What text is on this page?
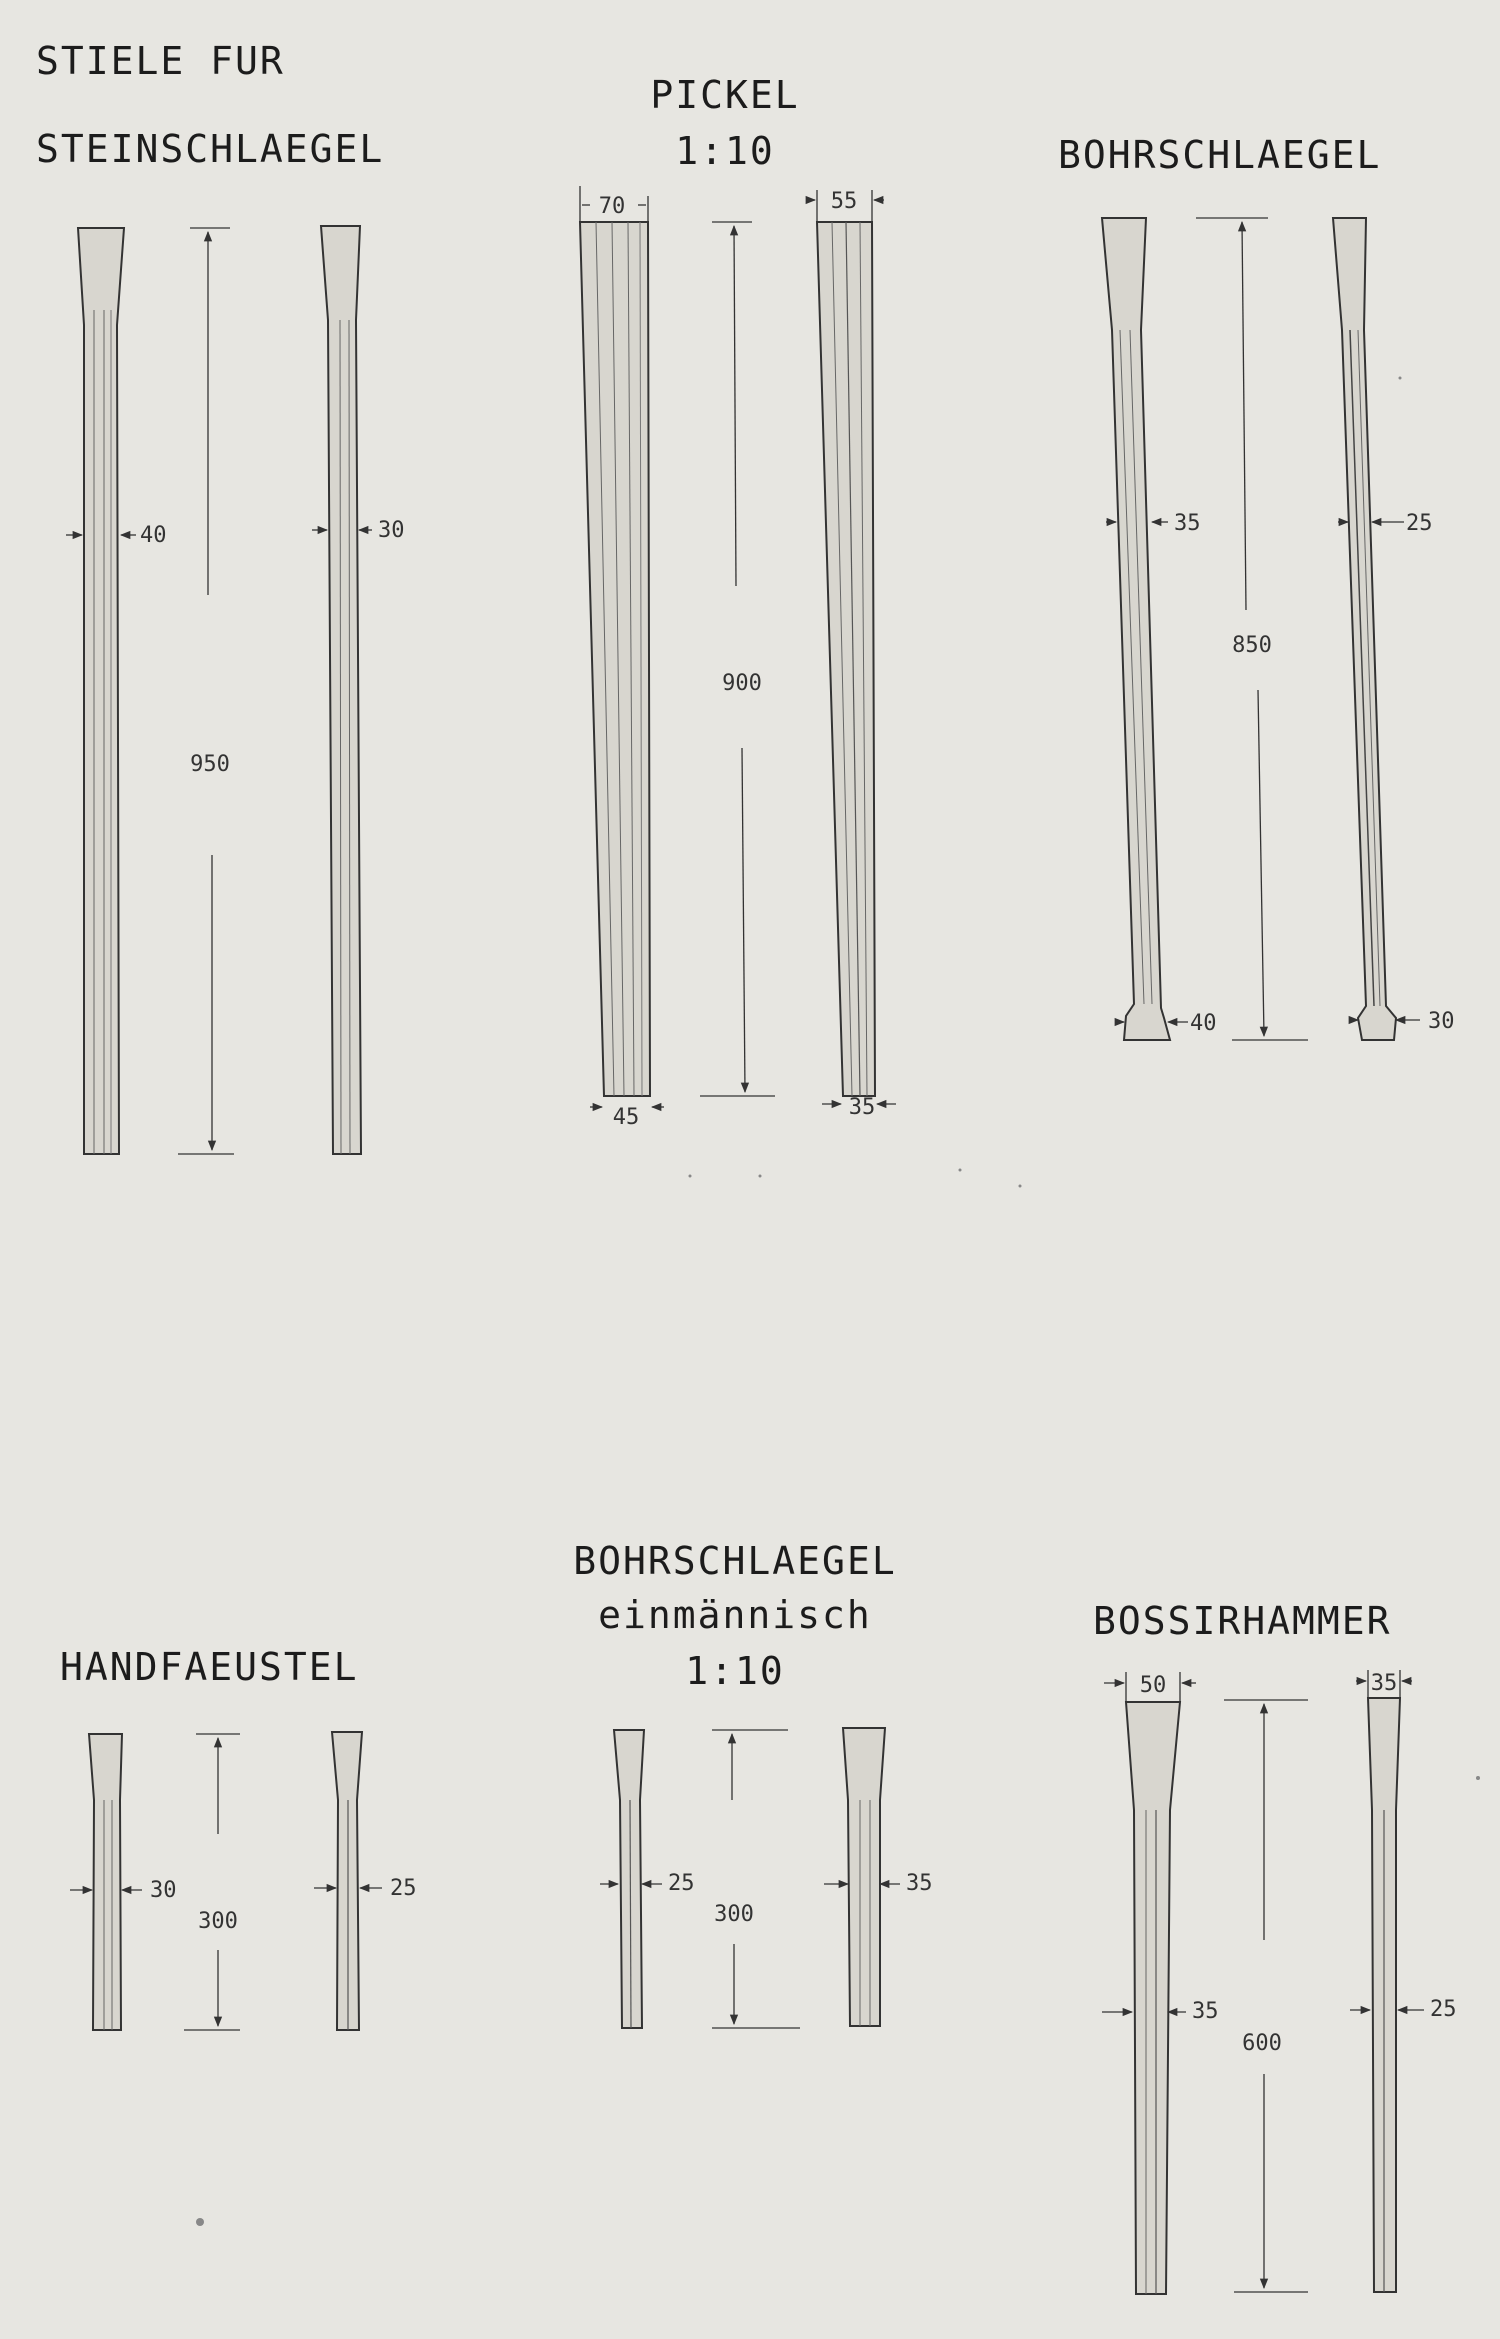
STIELE FUR
STEINSCHLAEGEL
PICKEL
1:10	BOHRSCHLAEGEL
HANDFAEUSTEL
BOHRSCHLAEGEL
einmännisch
1:10
BOSSIRHAMMER
950
40	30
70	55
900
45	35
35	25
850
40	30
300
30	25
300
25	35
50	35
600
35	25
